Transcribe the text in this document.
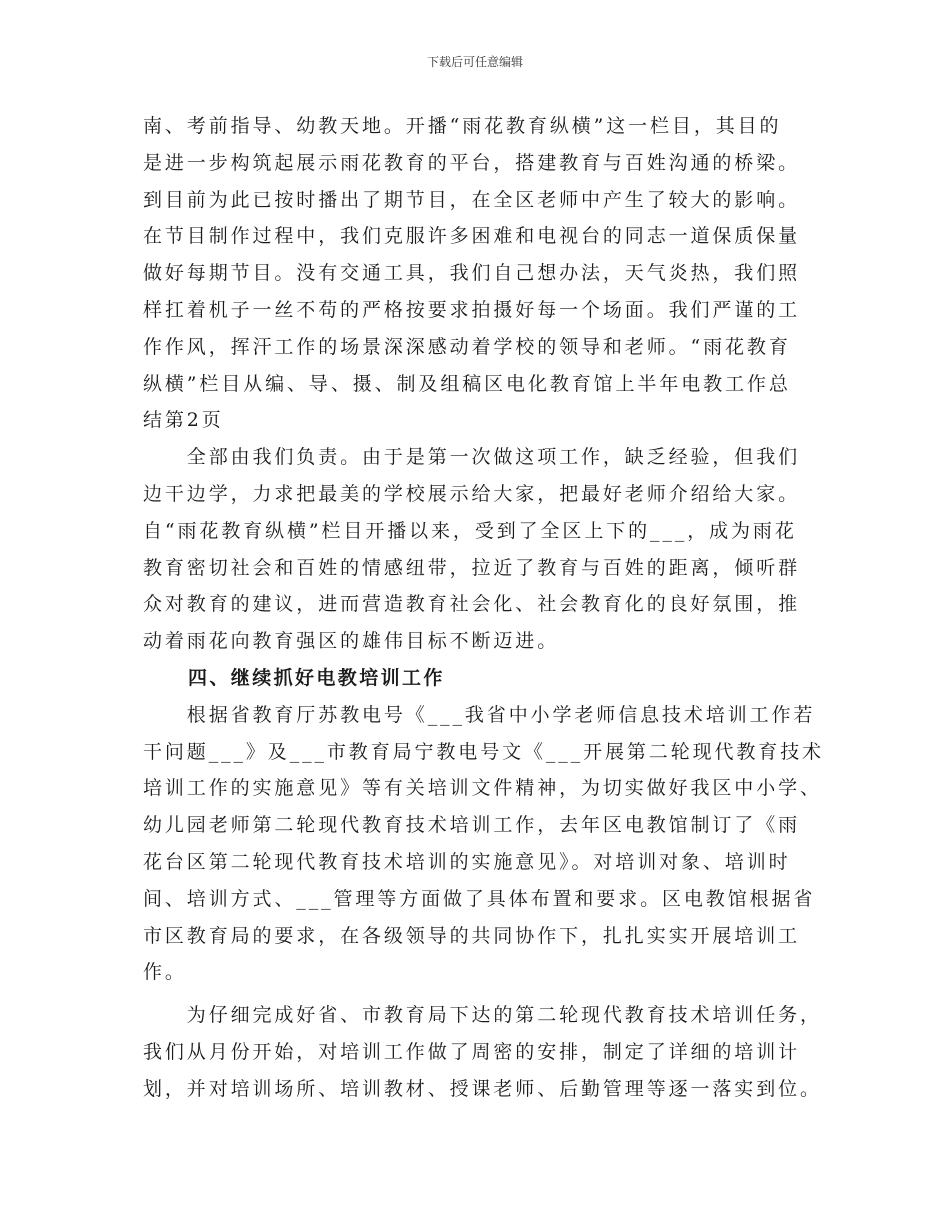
下载后可任意编辑

南、考前指导、幼教天地。开播“雨花教育纵横”这一栏目，其目的
是进一步构筑起展示雨花教育的平台，搭建教育与百姓沟通的桥梁。
到目前为此已按时播出了期节目，在全区老师中产生了较大的影响。
在节目制作过程中，我们克服许多困难和电视台的同志一道保质保量
做好每期节目。没有交通工具，我们自己想办法，天气炎热，我们照
样扛着机子一丝不苟的严格按要求拍摄好每一个场面。我们严谨的工
作作风，挥汗工作的场景深深感动着学校的领导和老师。“雨花教育
纵横”栏目从编、导、摄、制及组稿区电化教育馆上半年电教工作总
结第2页

　　全部由我们负责。由于是第一次做这项工作，缺乏经验，但我们
边干边学，力求把最美的学校展示给大家，把最好老师介绍给大家。
自“雨花教育纵横”栏目开播以来，受到了全区上下的___，成为雨花
教育密切社会和百姓的情感纽带，拉近了教育与百姓的距离，倾听群
众对教育的建议，进而营造教育社会化、社会教育化的良好氛围，推
动着雨花向教育强区的雄伟目标不断迈进。

四、继续抓好电教培训工作

　　根据省教育厅苏教电号《___我省中小学老师信息技术培训工作若
干问题___》及___市教育局宁教电号文《___开展第二轮现代教育技术
培训工作的实施意见》等有关培训文件精神，为切实做好我区中小学、
幼儿园老师第二轮现代教育技术培训工作，去年区电教馆制订了《雨
花台区第二轮现代教育技术培训的实施意见》。对培训对象、培训时
间、培训方式、___管理等方面做了具体布置和要求。区电教馆根据省
市区教育局的要求，在各级领导的共同协作下，扎扎实实开展培训工
作。

　　为仔细完成好省、市教育局下达的第二轮现代教育技术培训任务，
我们从月份开始，对培训工作做了周密的安排，制定了详细的培训计
划，并对培训场所、培训教材、授课老师、后勤管理等逐一落实到位。
